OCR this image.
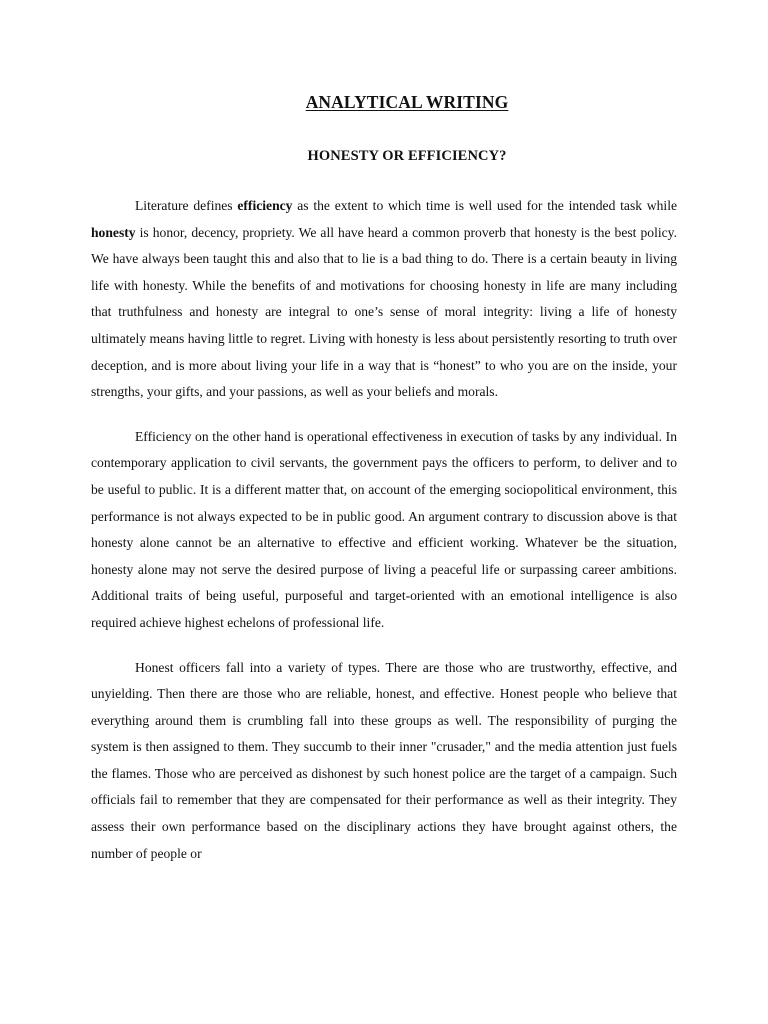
ANALYTICAL WRITING
HONESTY OR EFFICIENCY?

Literature defines efficiency as the extent to which time is well used for the intended task while honesty is honor, decency, propriety. We all have heard a common proverb that honesty is the best policy. We have always been taught this and also that to lie is a bad thing to do. There is a certain beauty in living life with honesty. While the benefits of and motivations for choosing honesty in life are many including that truthfulness and honesty are integral to one’s sense of moral integrity: living a life of honesty ultimately means having little to regret. Living with honesty is less about persistently resorting to truth over deception, and is more about living your life in a way that is “honest” to who you are on the inside, your strengths, your gifts, and your passions, as well as your beliefs and morals.

Efficiency on the other hand is operational effectiveness in execution of tasks by any individual. In contemporary application to civil servants, the government pays the officers to perform, to deliver and to be useful to public. It is a different matter that, on account of the emerging sociopolitical environment, this performance is not always expected to be in public good. An argument contrary to discussion above is that honesty alone cannot be an alternative to effective and efficient working. Whatever be the situation, honesty alone may not serve the desired purpose of living a peaceful life or surpassing career ambitions. Additional traits of being useful, purposeful and target-oriented with an emotional intelligence is also required achieve highest echelons of professional life.

Honest officers fall into a variety of types. There are those who are trustworthy, effective, and unyielding. Then there are those who are reliable, honest, and effective. Honest people who believe that everything around them is crumbling fall into these groups as well. The responsibility of purging the system is then assigned to them. They succumb to their inner "crusader," and the media attention just fuels the flames. Those who are perceived as dishonest by such honest police are the target of a campaign. Such officials fail to remember that they are compensated for their performance as well as their integrity. They assess their own performance based on the disciplinary actions they have brought against others, the number of people or
